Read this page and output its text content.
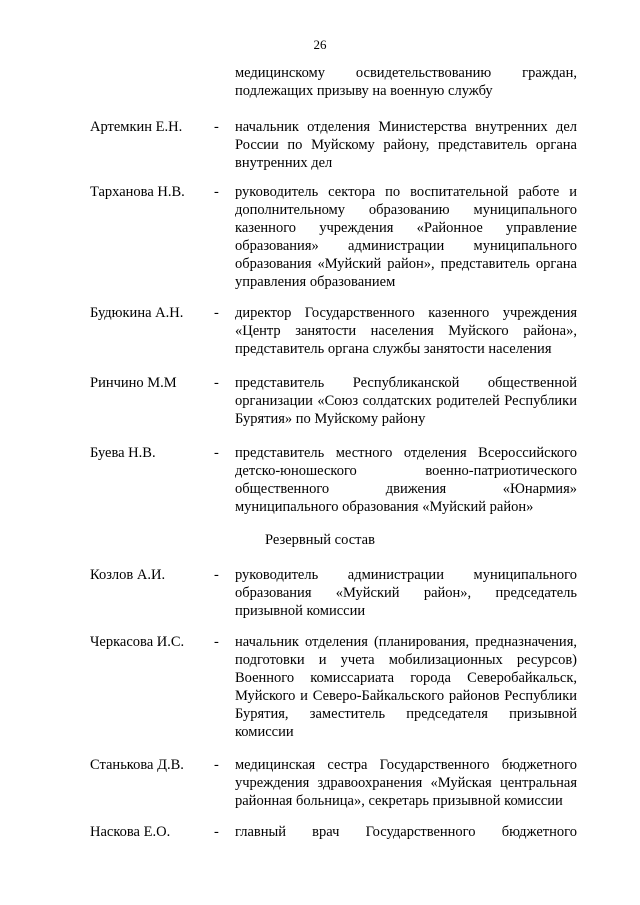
26

медицинскому освидетельствованию граждан, подлежащих призыву на военную службу

Артемкин Е.Н. - начальник отделения Министерства внутренних дел России по Муйскому району, представитель органа внутренних дел

Тарханова Н.В. - руководитель сектора по воспитательной работе и дополнительному образованию муниципального казенного учреждения «Районное управление образования» администрации муниципального образования «Муйский район», представитель органа управления образованием

Будюкина А.Н. - директор Государственного казенного учреждения «Центр занятости населения Муйского района», представитель органа службы занятости населения

Ринчино М.М	- представитель Республиканской общественной организации «Союз солдатских родителей Республики Бурятия» по Муйскому району

Буева Н.В.	- представитель местного отделения Всероссийского детско-юношеского военно-патриотического общественного движения «Юнармия» муниципального образования «Муйский район»

Резервный состав
Козлов А.И.	- руководитель администрации муниципального образования «Муйский район», председатель призывной комиссии

Черкасова И.С. - начальник отделения (планирования, предназначения, подготовки и учета мобилизационных ресурсов) Военного комиссариата города Северобайкальск, Муйского и Северо-Байкальского районов Республики Бурятия, заместитель председателя призывной комиссии

Станькова Д.В. - медицинская сестра Государственного бюджетного учреждения здравоохранения «Муйская центральная районная больница», секретарь призывной комиссии

Наскова Е.О.	- главный врач Государственного бюджетного
